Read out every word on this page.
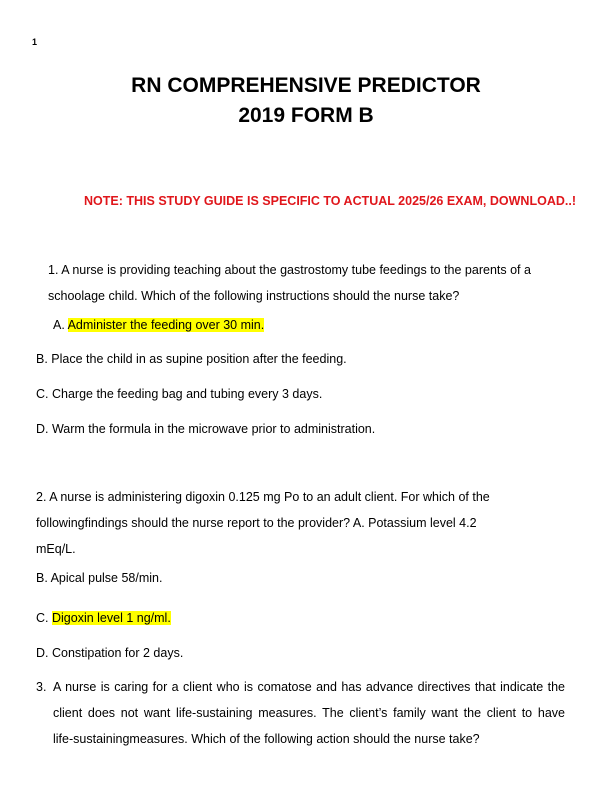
1
RN COMPREHENSIVE PREDICTOR
2019 FORM B
NOTE: THIS STUDY GUIDE IS SPECIFIC TO ACTUAL 2025/26 EXAM, DOWNLOAD..!
1. A nurse is providing teaching about the gastrostomy tube feedings to the parents of a
schoolage child. Which of the following instructions should the nurse take?
A. Administer the feeding over 30 min.
B. Place the child in as supine position after the feeding.
C. Charge the feeding bag and tubing every 3 days.
D. Warm the formula in the microwave prior to administration.
2. A nurse is administering digoxin 0.125 mg Po to an adult client. For which of the
followingfindings should the nurse report to the provider? A. Potassium level 4.2
mEq/L.
B. Apical pulse 58/min.
C. Digoxin level 1 ng/ml.
D. Constipation for 2 days.
3. A nurse is caring for a client who is comatose and has advance directives that indicate the
client does not want life-sustaining measures. The client’s family want the client to have
life-sustainingmeasures. Which of the following action should the nurse take?
